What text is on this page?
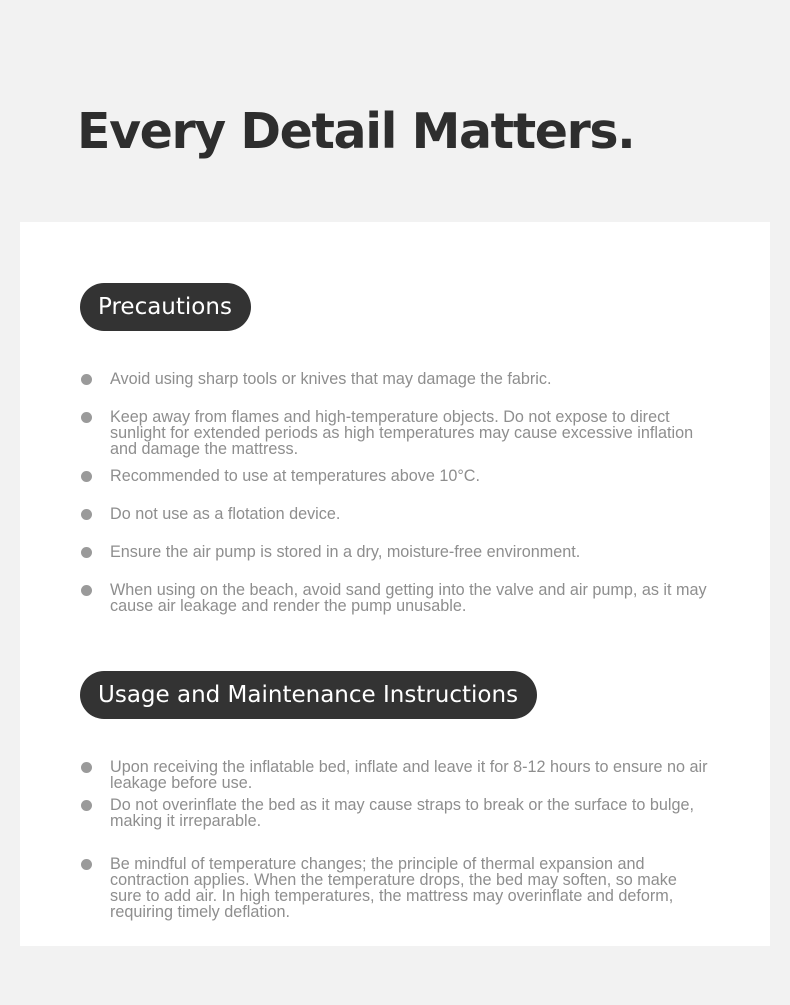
Every Detail Matters.
Precautions
Avoid using sharp tools or knives that may damage the fabric.
Keep away from flames and high-temperature objects. Do not expose to direct
sunlight for extended periods as high temperatures may cause excessive inflation
and damage the mattress.
Recommended to use at temperatures above 10°C.
Do not use as a flotation device.
Ensure the air pump is stored in a dry, moisture-free environment.
When using on the beach, avoid sand getting into the valve and air pump, as it may
cause air leakage and render the pump unusable.
Usage and Maintenance Instructions
Upon receiving the inflatable bed, inflate and leave it for 8-12 hours to ensure no air
leakage before use.
Do not overinflate the bed as it may cause straps to break or the surface to bulge,
making it irreparable.
Be mindful of temperature changes; the principle of thermal expansion and
contraction applies. When the temperature drops, the bed may soften, so make
sure to add air. In high temperatures, the mattress may overinflate and deform,
requiring timely deflation.
